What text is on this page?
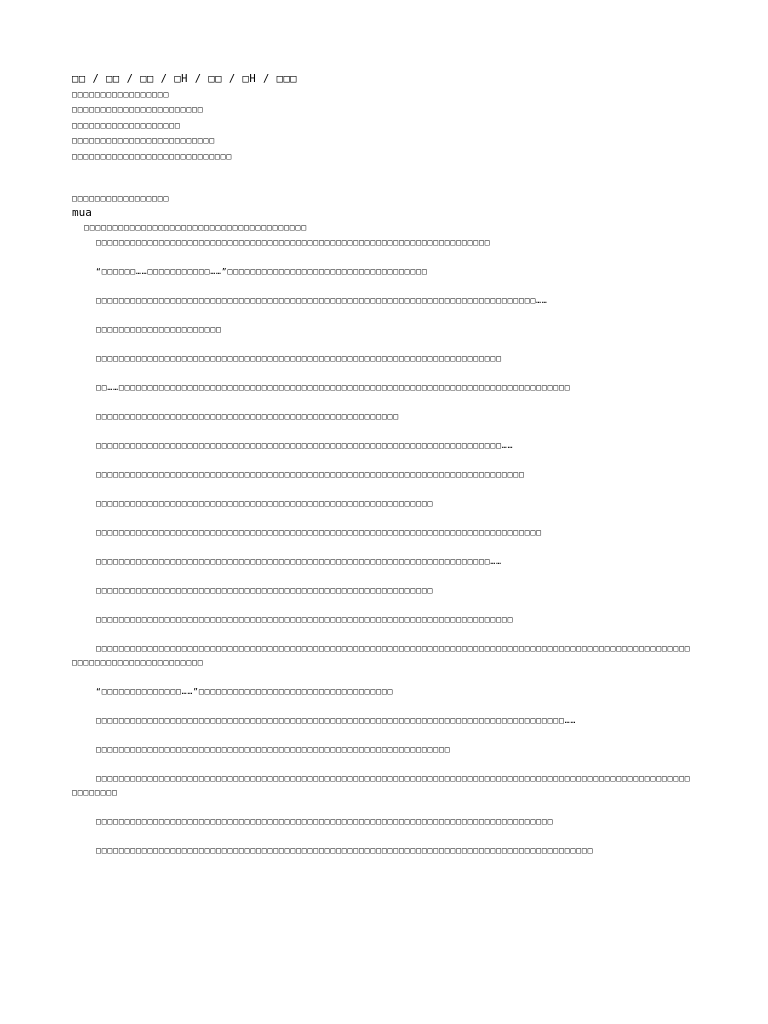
□□ / □□ / □□ / □H / □□ / □H / □□□
□□□□□□□□□□□□□□□□□
□□□□□□□□□□□□□□□□□□□□□□□
□□□□□□□□□□□□□□□□□□□
□□□□□□□□□□□□□□□□□□□□□□□□□
□□□□□□□□□□□□□□□□□□□□□□□□□□□□
□□□□□□□□□□□□□□□□□
mua
□□□□□□□□□□□□□□□□□□□□□□□□□□□□□□□□□□□□□□□

□□□□□□□□□□□□□□□□□□□□□□□□□□□□□□□□□□□□□□□□□□□□□□□□□□□□□□□□□□□□□□□□□□□□□

“□□□□□□……□□□□□□□□□□□……”□□□□□□□□□□□□□□□□□□□□□□□□□□□□□□□□□□□

□□□□□□□□□□□□□□□□□□□□□□□□□□□□□□□□□□□□□□□□□□□□□□□□□□□□□□□□□□□□□□□□□□□□□□□□□□□□□……

□□□□□□□□□□□□□□□□□□□□□□

□□□□□□□□□□□□□□□□□□□□□□□□□□□□□□□□□□□□□□□□□□□□□□□□□□□□□□□□□□□□□□□□□□□□□□□

□□……□□□□□□□□□□□□□□□□□□□□□□□□□□□□□□□□□□□□□□□□□□□□□□□□□□□□□□□□□□□□□□□□□□□□□□□□□□□□□□□

□□□□□□□□□□□□□□□□□□□□□□□□□□□□□□□□□□□□□□□□□□□□□□□□□□□□□

□□□□□□□□□□□□□□□□□□□□□□□□□□□□□□□□□□□□□□□□□□□□□□□□□□□□□□□□□□□□□□□□□□□□□□□……

□□□□□□□□□□□□□□□□□□□□□□□□□□□□□□□□□□□□□□□□□□□□□□□□□□□□□□□□□□□□□□□□□□□□□□□□□□□

□□□□□□□□□□□□□□□□□□□□□□□□□□□□□□□□□□□□□□□□□□□□□□□□□□□□□□□□□□□

□□□□□□□□□□□□□□□□□□□□□□□□□□□□□□□□□□□□□□□□□□□□□□□□□□□□□□□□□□□□□□□□□□□□□□□□□□□□□□

□□□□□□□□□□□□□□□□□□□□□□□□□□□□□□□□□□□□□□□□□□□□□□□□□□□□□□□□□□□□□□□□□□□□□……

□□□□□□□□□□□□□□□□□□□□□□□□□□□□□□□□□□□□□□□□□□□□□□□□□□□□□□□□□□□

□□□□□□□□□□□□□□□□□□□□□□□□□□□□□□□□□□□□□□□□□□□□□□□□□□□□□□□□□□□□□□□□□□□□□□□□□

□□□□□□□□□□□□□□□□□□□□□□□□□□□□□□□□□□□□□□□□□□□□□□□□□□□□□□□□□□□□□□□□□□□□□□□□□□□□□□□□□□□□□□□□□□□□□□□□□□□□□□□□□□□□□□□□□□□□□□□□□□□□□□□

“□□□□□□□□□□□□□□……”□□□□□□□□□□□□□□□□□□□□□□□□□□□□□□□□□□

□□□□□□□□□□□□□□□□□□□□□□□□□□□□□□□□□□□□□□□□□□□□□□□□□□□□□□□□□□□□□□□□□□□□□□□□□□□□□□□□□□……

□□□□□□□□□□□□□□□□□□□□□□□□□□□□□□□□□□□□□□□□□□□□□□□□□□□□□□□□□□□□□□

□□□□□□□□□□□□□□□□□□□□□□□□□□□□□□□□□□□□□□□□□□□□□□□□□□□□□□□□□□□□□□□□□□□□□□□□□□□□□□□□□□□□□□□□□□□□□□□□□□□□□□□□□□□□□□□□

□□□□□□□□□□□□□□□□□□□□□□□□□□□□□□□□□□□□□□□□□□□□□□□□□□□□□□□□□□□□□□□□□□□□□□□□□□□□□□□□

□□□□□□□□□□□□□□□□□□□□□□□□□□□□□□□□□□□□□□□□□□□□□□□□□□□□□□□□□□□□□□□□□□□□□□□□□□□□□□□□□□□□□□□
